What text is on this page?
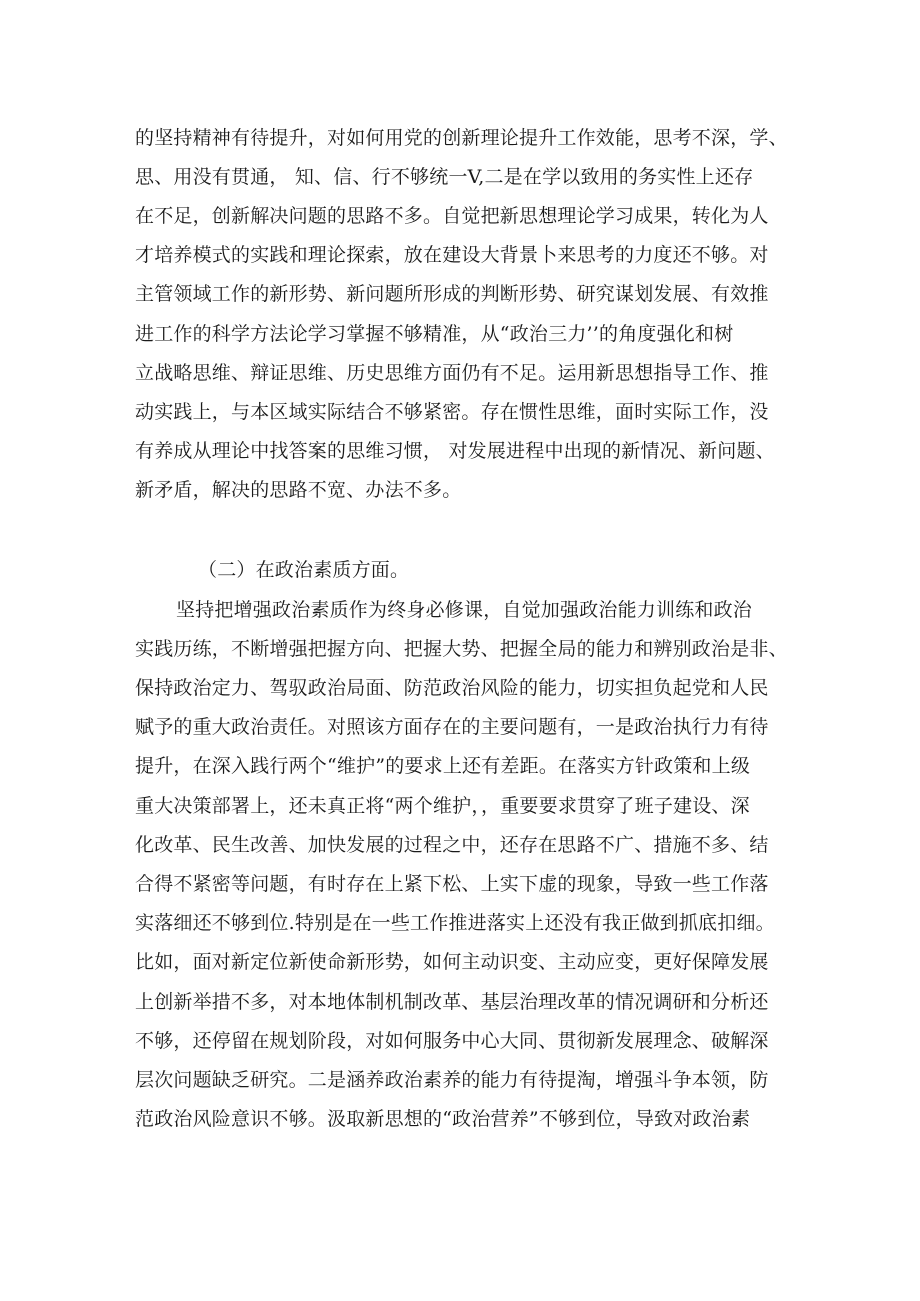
的坚持精神有待提升，对如何用党的创新理论提升工作效能，思考不深，学、
思、用没有贯通， 知、信、行不够统一V,二是在学以致用的务实性上还存
在不足，创新解决问题的思路不多。自觉把新思想理论学习成果，转化为人
才培养模式的实践和理论探索，放在建设大背景卜来思考的力度还不够。对
主管领域工作的新形势、新问题所形成的判断形势、研究谋划发展、有效推
进工作的科学方法论学习掌握不够精准，从“政治三力’’的角度强化和树
立战略思维、辩证思维、历史思维方面仍有不足。运用新思想指导工作、推
动实践上，与本区域实际结合不够紧密。存在惯性思维，面时实际工作，没
有养成从理论中找答案的思维习惯， 对发展进程中出现的新情况、新问题、
新矛盾，解决的思路不宽、办法不多。
（二）在政治素质方面。
坚持把增强政治素质作为终身必修课，自觉加强政治能力训练和政治
实践历练，不断增强把握方向、把握大势、把握全局的能力和辨别政治是非、
保持政治定力、驾驭政治局面、防范政治风险的能力，切实担负起党和人民
赋予的重大政治责任。对照该方面存在的主要问题有，一是政治执行力有待
提升，在深入践行两个“维护”的要求上还有差距。在落实方针政策和上级
重大决策部署上，还未真正将“两个维护，，重要要求贯穿了班子建设、深
化改革、民生改善、加快发展的过程之中，还存在思路不广、措施不多、结
合得不紧密等问题，有时存在上紧下松、上实下虚的现象，导致一些工作落
实落细还不够到位.特别是在一些工作推进落实上还没有我正做到抓底扣细。
比如，面对新定位新使命新形势，如何主动识变、主动应变，更好保障发展
上创新举措不多，对本地体制机制改革、基层治理改革的情况调研和分析还
不够，还停留在规划阶段，对如何服务中心大同、贯彻新发展理念、破解深
层次问题缺乏研究。二是涵养政治素养的能力有待提淘，增强斗争本领，防
范政治风险意识不够。汲取新思想的“政治营养”不够到位，导致对政治素
